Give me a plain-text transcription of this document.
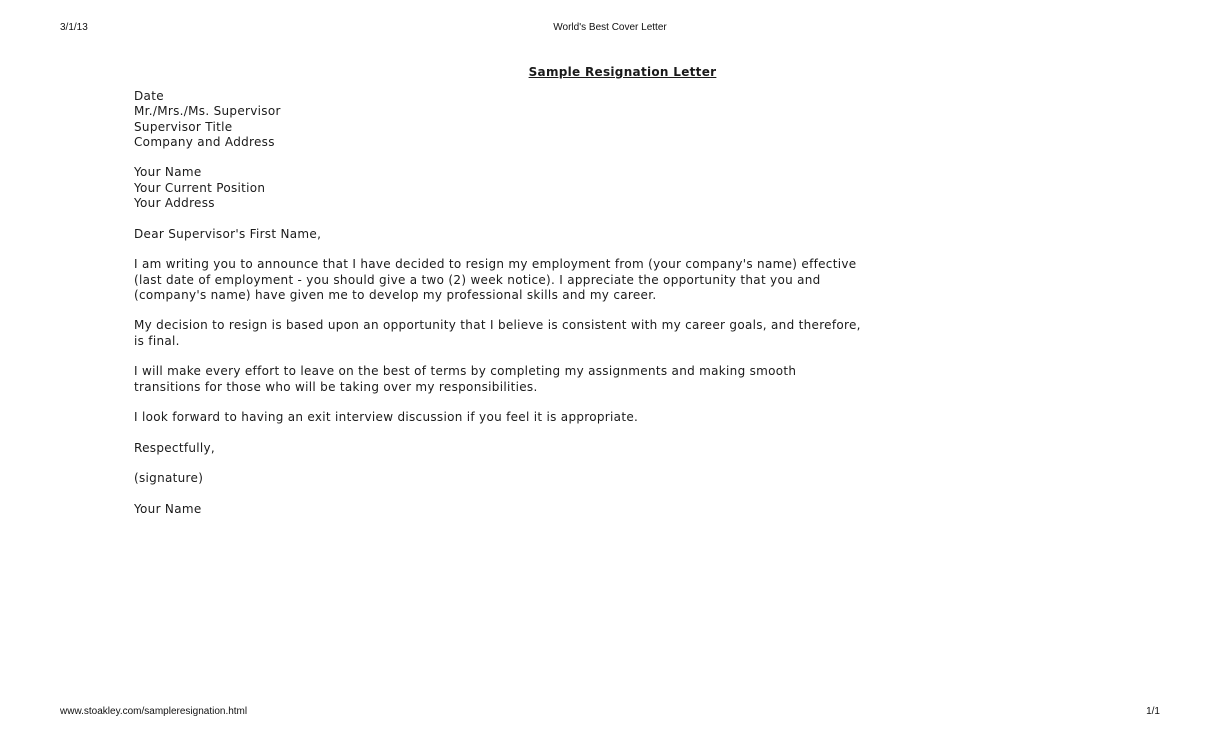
3/1/13	World's Best Cover Letter
Sample Resignation Letter
Date
Mr./Mrs./Ms. Supervisor
Supervisor Title
Company and Address
Your Name
Your Current Position
Your Address
Dear Supervisor's First Name,
I am writing you to announce that I have decided to resign my employment from (your company's name) effective
(last date of employment - you should give a two (2) week notice). I appreciate the opportunity that you and
(company's name) have given me to develop my professional skills and my career.
My decision to resign is based upon an opportunity that I believe is consistent with my career goals, and therefore,
is final.
I will make every effort to leave on the best of terms by completing my assignments and making smooth
transitions for those who will be taking over my responsibilities.
I look forward to having an exit interview discussion if you feel it is appropriate.
Respectfully,
(signature)
Your Name
www.stoakley.com/sampleresignation.html	1/1
